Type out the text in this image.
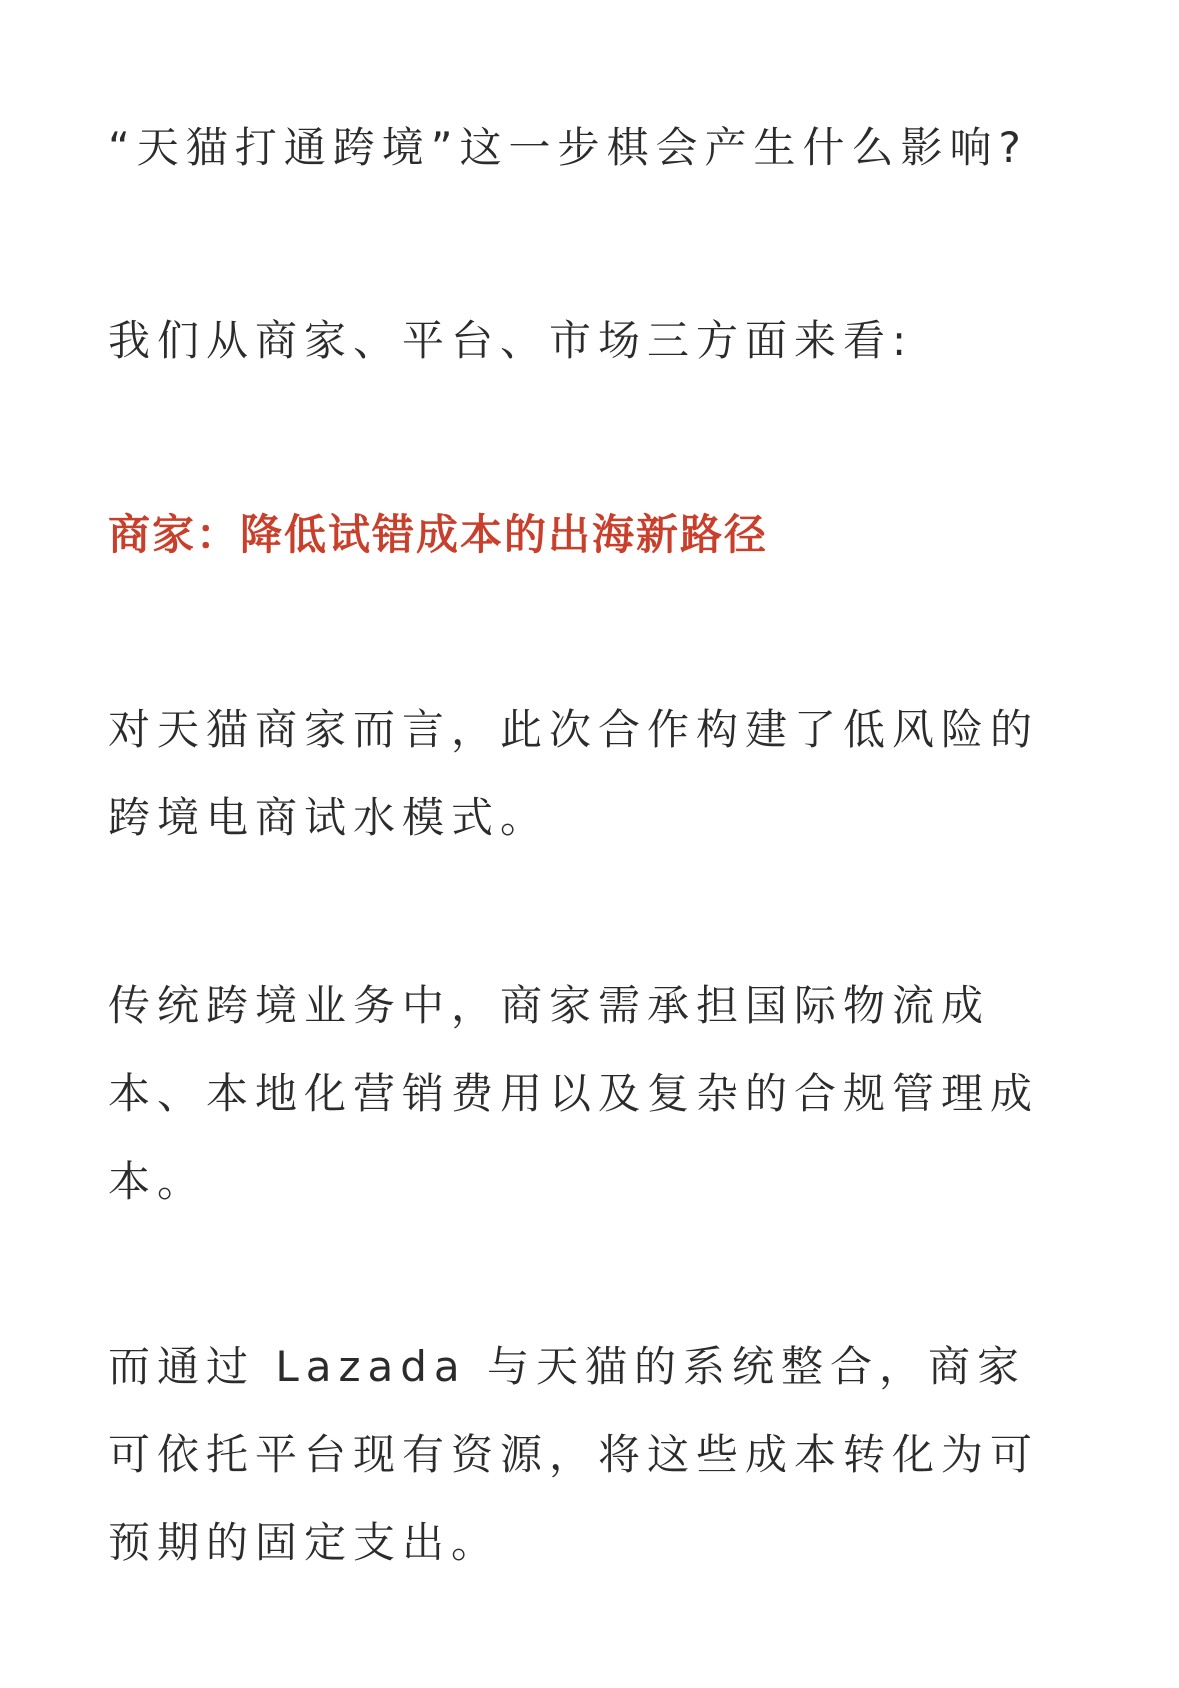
“天猫打通跨境”这一步棋会产生什么影响?

我们从商家、平台、市场三方面来看:

商家：降低试错成本的出海新路径

对天猫商家而言，此次合作构建了低风险的跨境电商试水模式。

传统跨境业务中，商家需承担国际物流成本、本地化营销费用以及复杂的合规管理成本。

而通过 Lazada 与天猫的系统整合，商家可依托平台现有资源，将这些成本转化为可预期的固定支出。
